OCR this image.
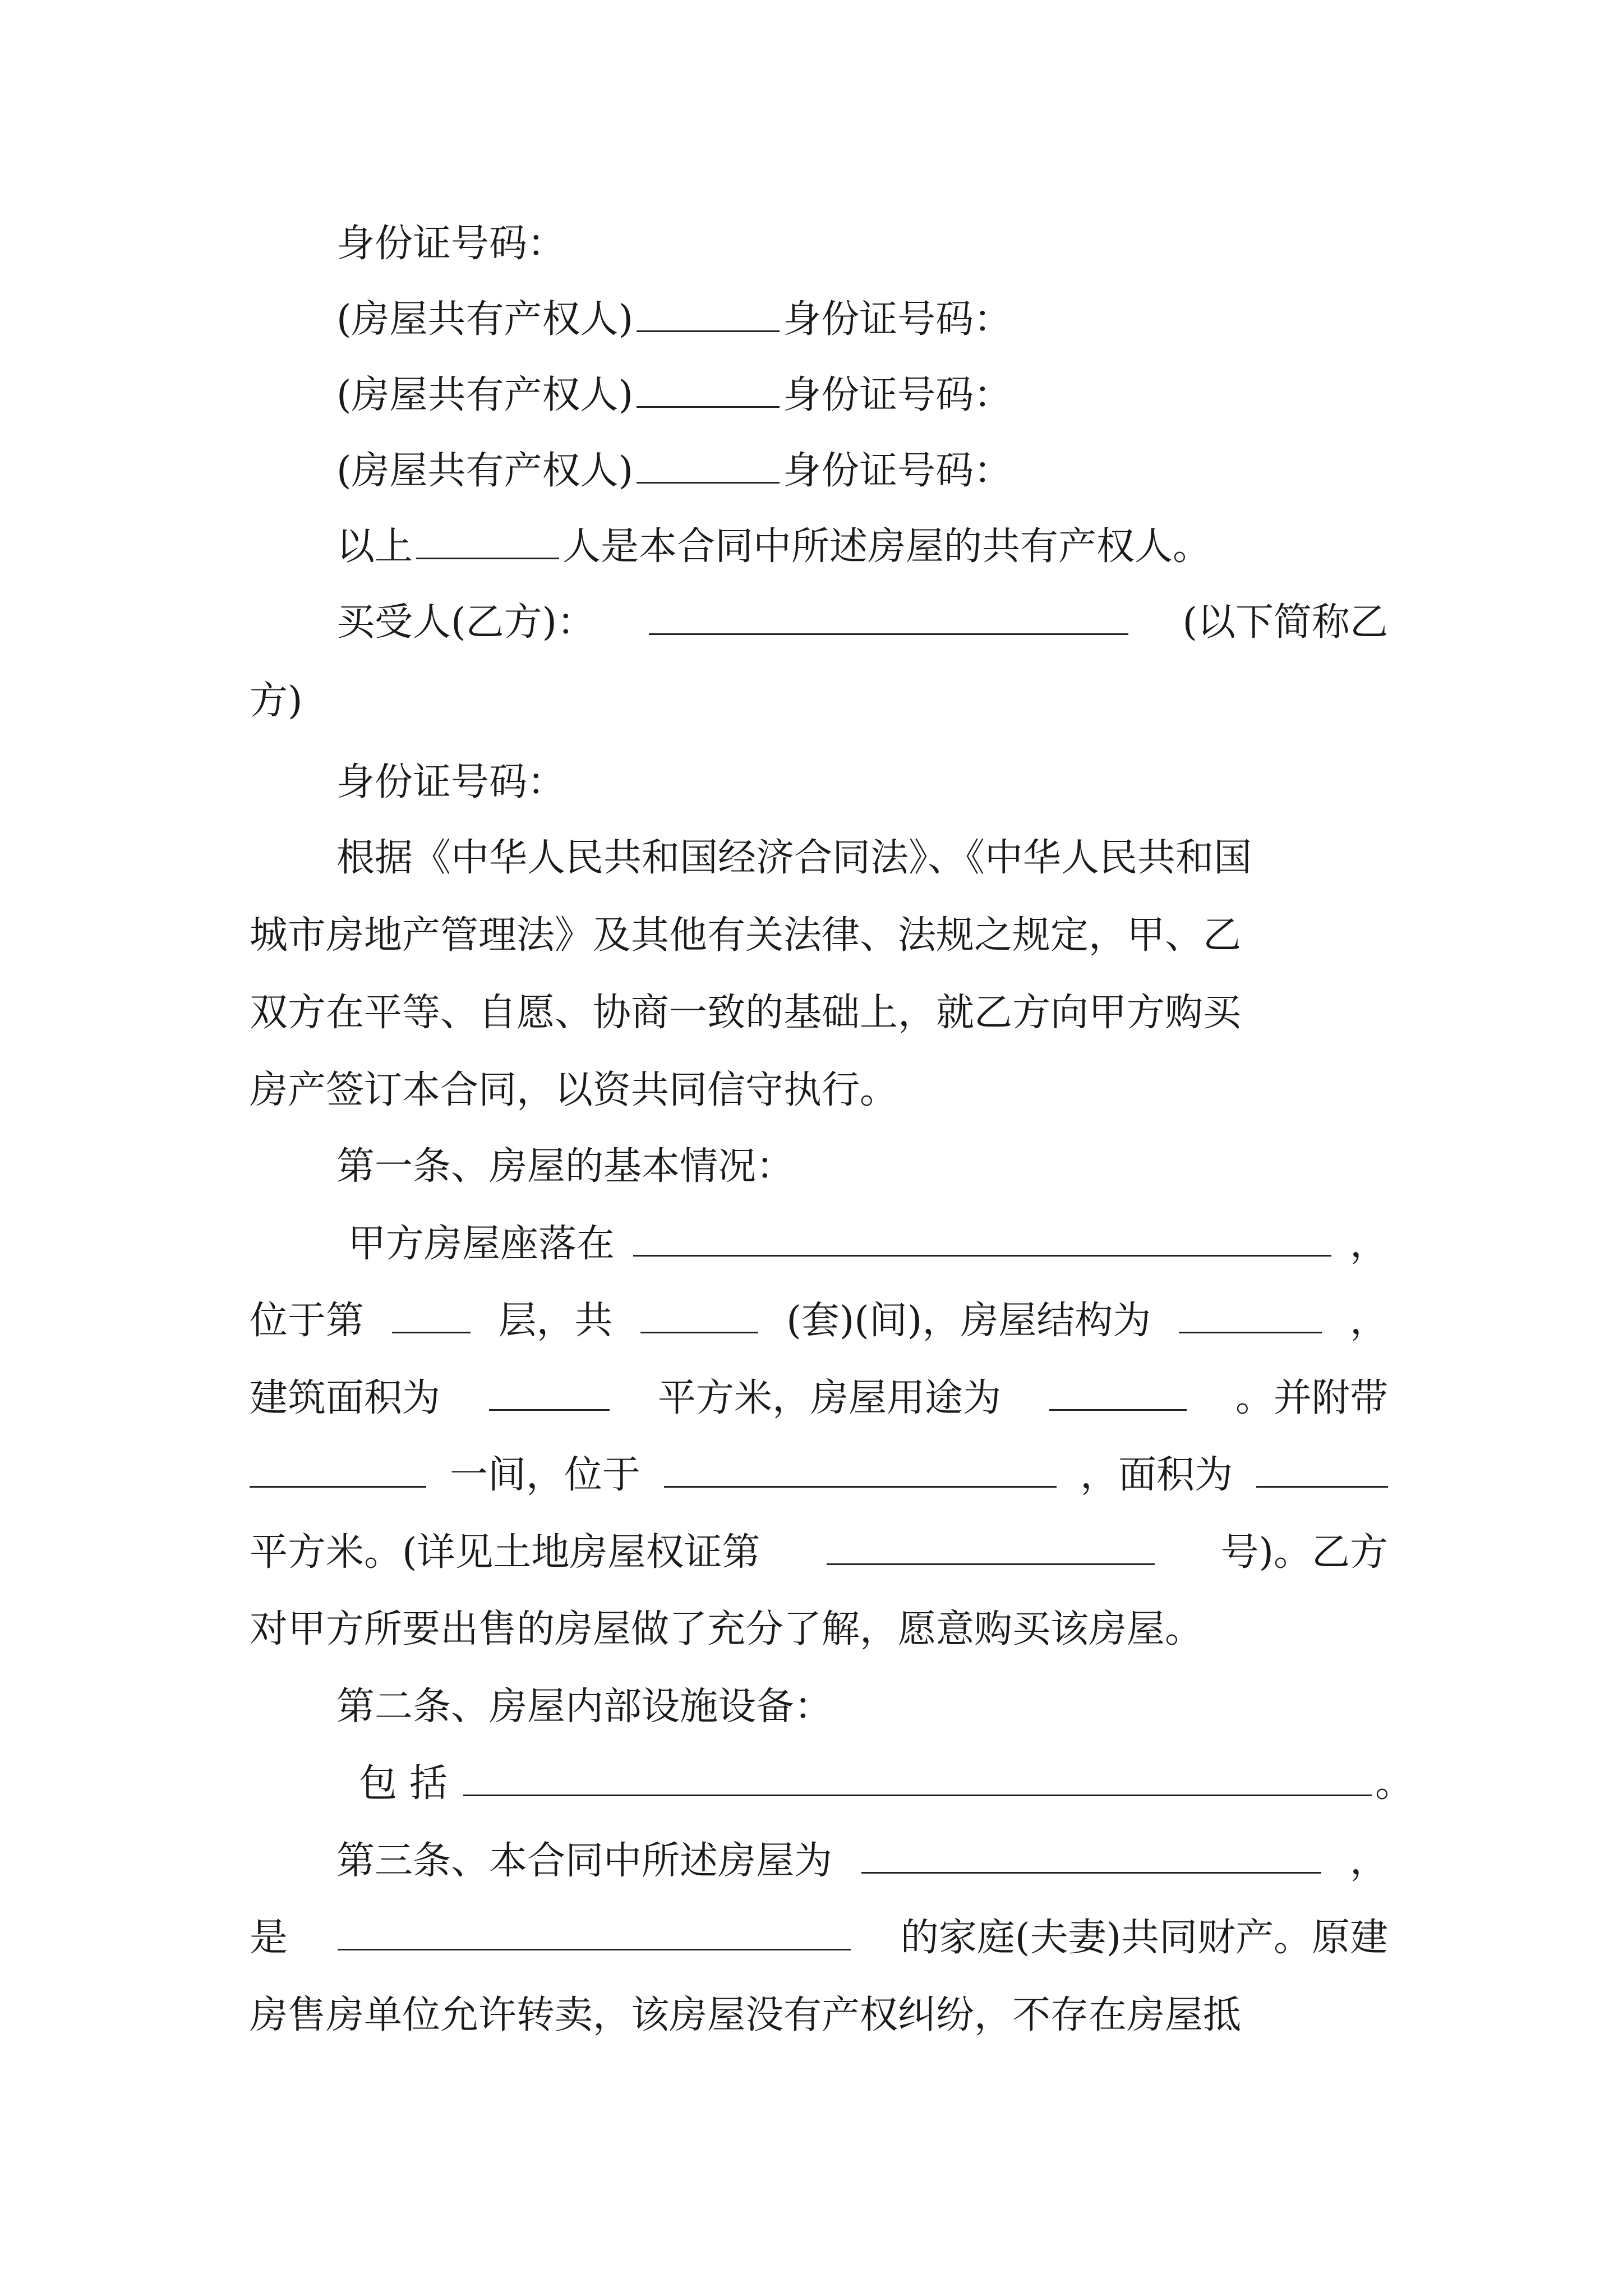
身份证号码：
(房屋共有产权人)	身份证号码：
(房屋共有产权人)	身份证号码：
(房屋共有产权人)	身份证号码：
以上	人是本合同中所述房屋的共有产权人。
买受人(乙方)：	(以下简称乙
方)
身份证号码：
根据《中华人民共和国经济合同法》、《中华人民共和国
城市房地产管理法》及其他有关法律、法规之规定，甲、乙
双方在平等、自愿、协商一致的基础上，就乙方向甲方购买
房产签订本合同，以资共同信守执行。
第一条、房屋的基本情况：
甲方房屋座落在	，
位于第	层，共	(套)(间)，房屋结构为	，
建筑面积为	平方米，房屋用途为	。并附带
一间，位于	，面积为
平方米。(详见土地房屋权证第	号)。乙方
对甲方所要出售的房屋做了充分了解，愿意购买该房屋。
第二条、房屋内部设施设备：
包括	。
第三条、本合同中所述房屋为	，
是	的家庭(夫妻)共同财产。原建
房售房单位允许转卖，该房屋没有产权纠纷，不存在房屋抵
